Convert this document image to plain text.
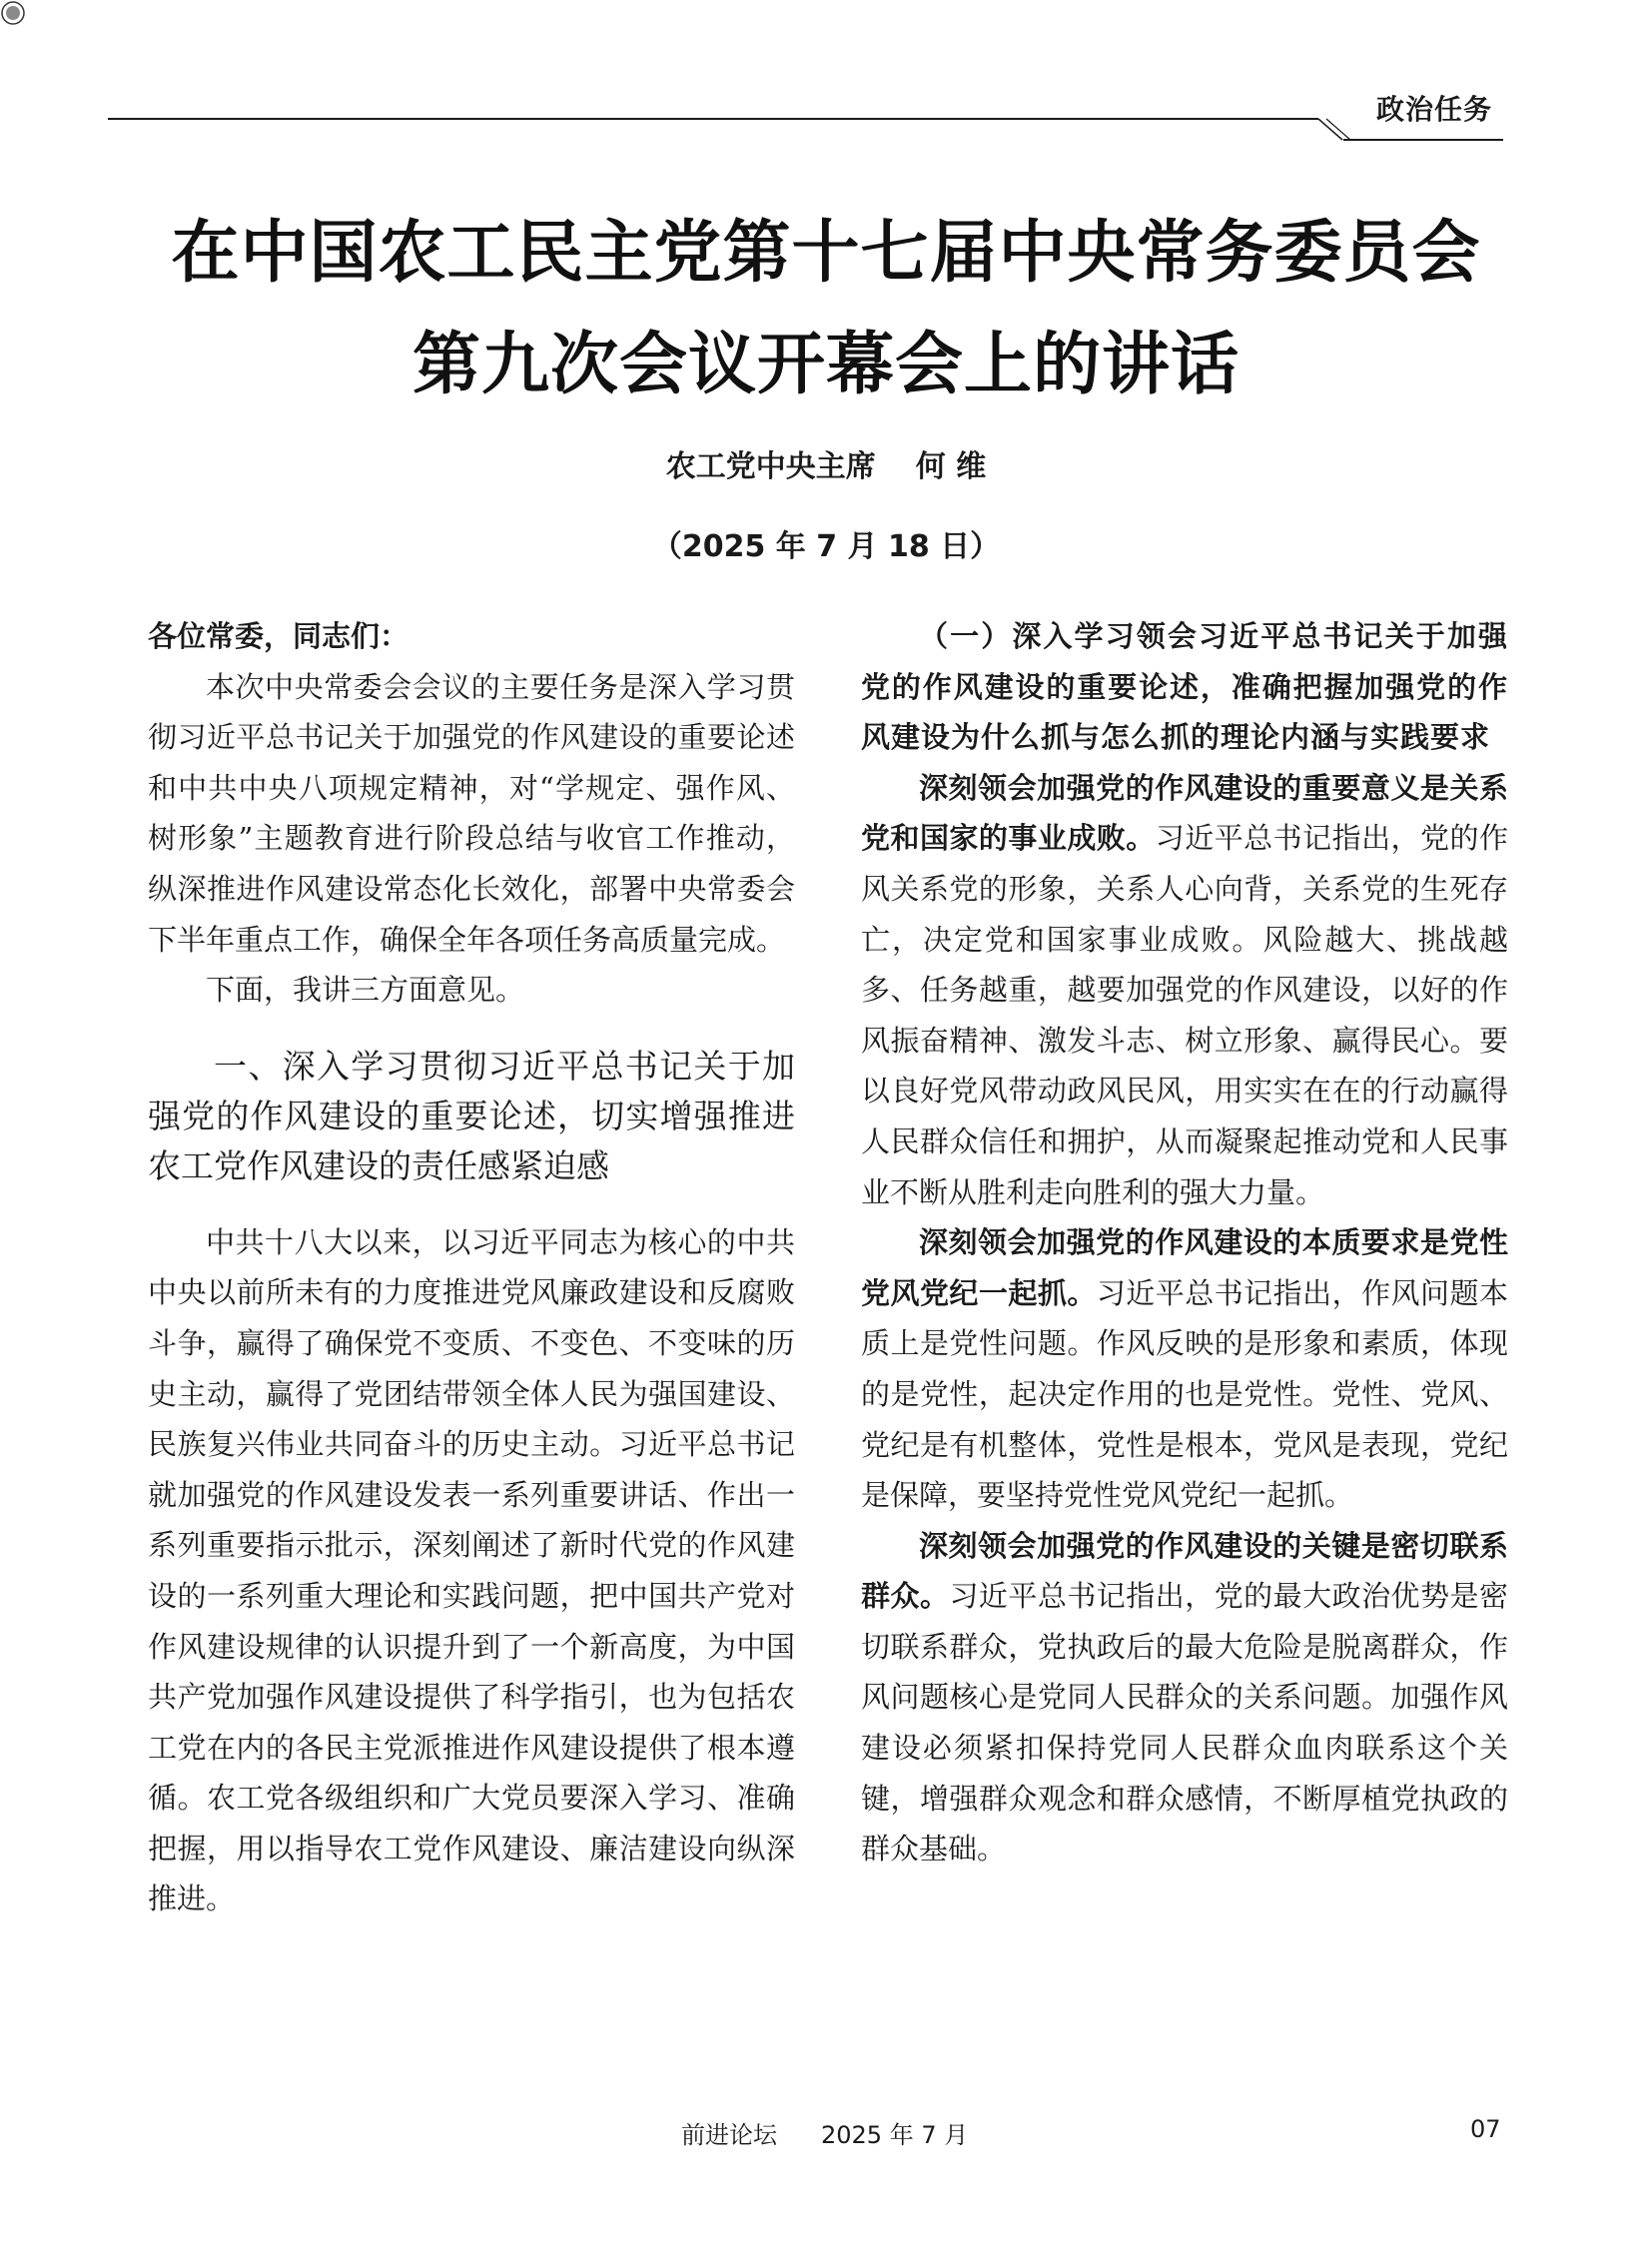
政治任务
在中国农工民主党第十七届中央常务委员会
第九次会议开幕会上的讲话
农工党中央主席 何 维
（2025 年 7 月 18 日）

各位常委，同志们：

本次中央常委会会议的主要任务是深入学习贯彻习近平总书记关于加强党的作风建设的重要论述和中共中央八项规定精神，对“学规定、强作风、树形象”主题教育进行阶段总结与收官工作推动，纵深推进作风建设常态化长效化，部署中央常委会下半年重点工作，确保全年各项任务高质量完成。

下面，我讲三方面意见。

一、深入学习贯彻习近平总书记关于加强党的作风建设的重要论述，切实增强推进农工党作风建设的责任感紧迫感

中共十八大以来，以习近平同志为核心的中共中央以前所未有的力度推进党风廉政建设和反腐败斗争，赢得了确保党不变质、不变色、不变味的历史主动，赢得了党团结带领全体人民为强国建设、民族复兴伟业共同奋斗的历史主动。习近平总书记就加强党的作风建设发表一系列重要讲话、作出一系列重要指示批示，深刻阐述了新时代党的作风建设的一系列重大理论和实践问题，把中国共产党对作风建设规律的认识提升到了一个新高度，为中国共产党加强作风建设提供了科学指引，也为包括农工党在内的各民主党派推进作风建设提供了根本遵循。农工党各级组织和广大党员要深入学习、准确把握，用以指导农工党作风建设、廉洁建设向纵深推进。

（一）深入学习领会习近平总书记关于加强党的作风建设的重要论述，准确把握加强党的作风建设为什么抓与怎么抓的理论内涵与实践要求

深刻领会加强党的作风建设的重要意义是关系党和国家的事业成败。习近平总书记指出，党的作风关系党的形象，关系人心向背，关系党的生死存亡，决定党和国家事业成败。风险越大、挑战越多、任务越重，越要加强党的作风建设，以好的作风振奋精神、激发斗志、树立形象、赢得民心。要以良好党风带动政风民风，用实实在在的行动赢得人民群众信任和拥护，从而凝聚起推动党和人民事业不断从胜利走向胜利的强大力量。

深刻领会加强党的作风建设的本质要求是党性党风党纪一起抓。习近平总书记指出，作风问题本质上是党性问题。作风反映的是形象和素质，体现的是党性，起决定作用的也是党性。党性、党风、党纪是有机整体，党性是根本，党风是表现，党纪是保障，要坚持党性党风党纪一起抓。

深刻领会加强党的作风建设的关键是密切联系群众。习近平总书记指出，党的最大政治优势是密切联系群众，党执政后的最大危险是脱离群众，作风问题核心是党同人民群众的关系问题。加强作风建设必须紧扣保持党同人民群众血肉联系这个关键，增强群众观念和群众感情，不断厚植党执政的群众基础。

前进论坛 2025 年 7 月	07
